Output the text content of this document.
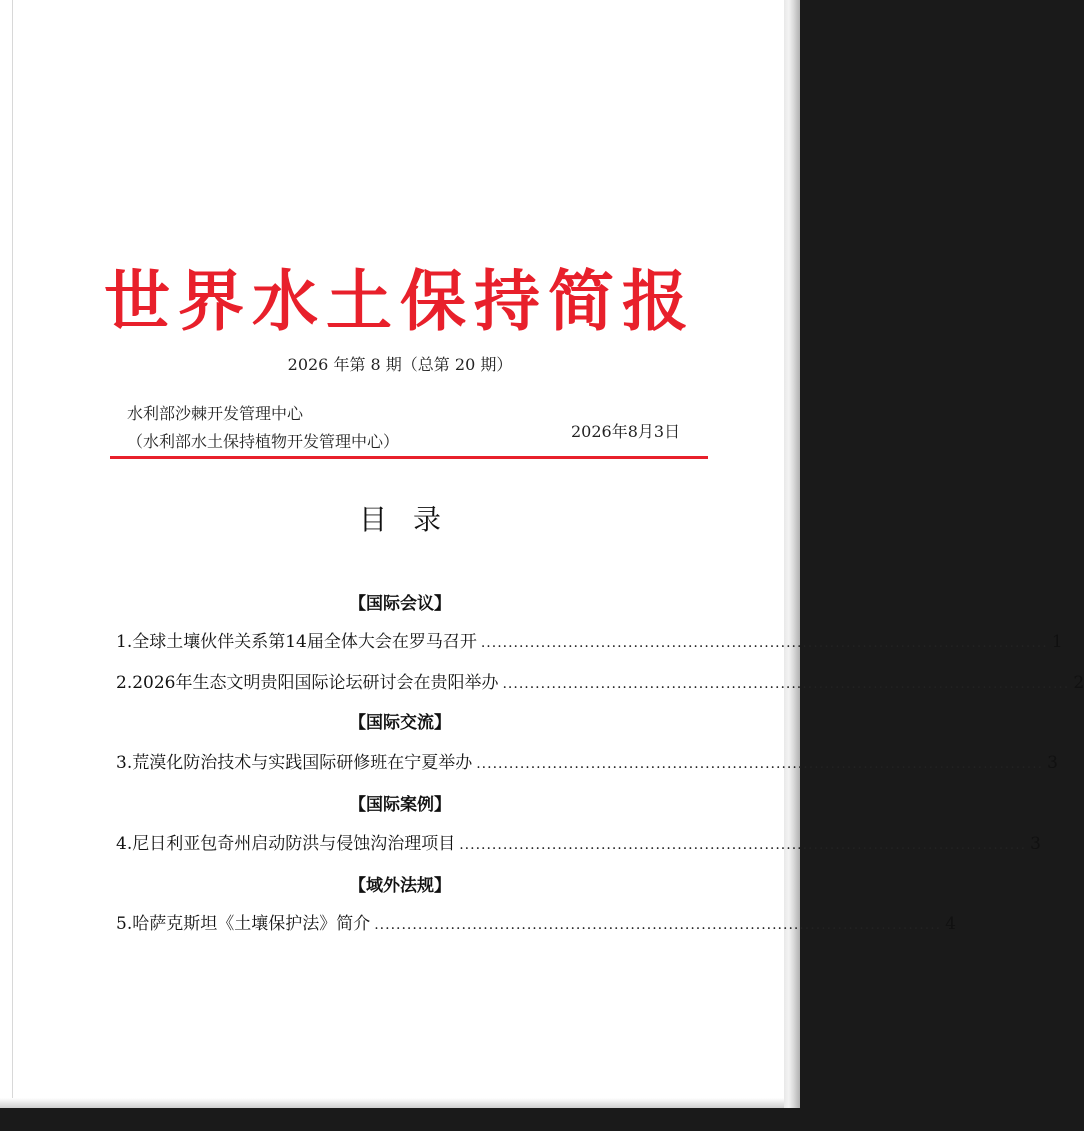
世界水土保持简报
2026 年第 8 期（总第 20 期）
水利部沙棘开发管理中心
（水利部水土保持植物开发管理中心）
2026年8月3日
目录
【国际会议】
1.全球土壤伙伴关系第14届全体大会在罗马召开 ........................................................................................................ 1
2.2026年生态文明贵阳国际论坛研讨会在贵阳举办 ........................................................................................................ 2
【国际交流】
3.荒漠化防治技术与实践国际研修班在宁夏举办 ........................................................................................................ 3
【国际案例】
4.尼日利亚包奇州启动防洪与侵蚀沟治理项目 ........................................................................................................ 3
【域外法规】
5.哈萨克斯坦《土壤保护法》简介 ........................................................................................................ 4
